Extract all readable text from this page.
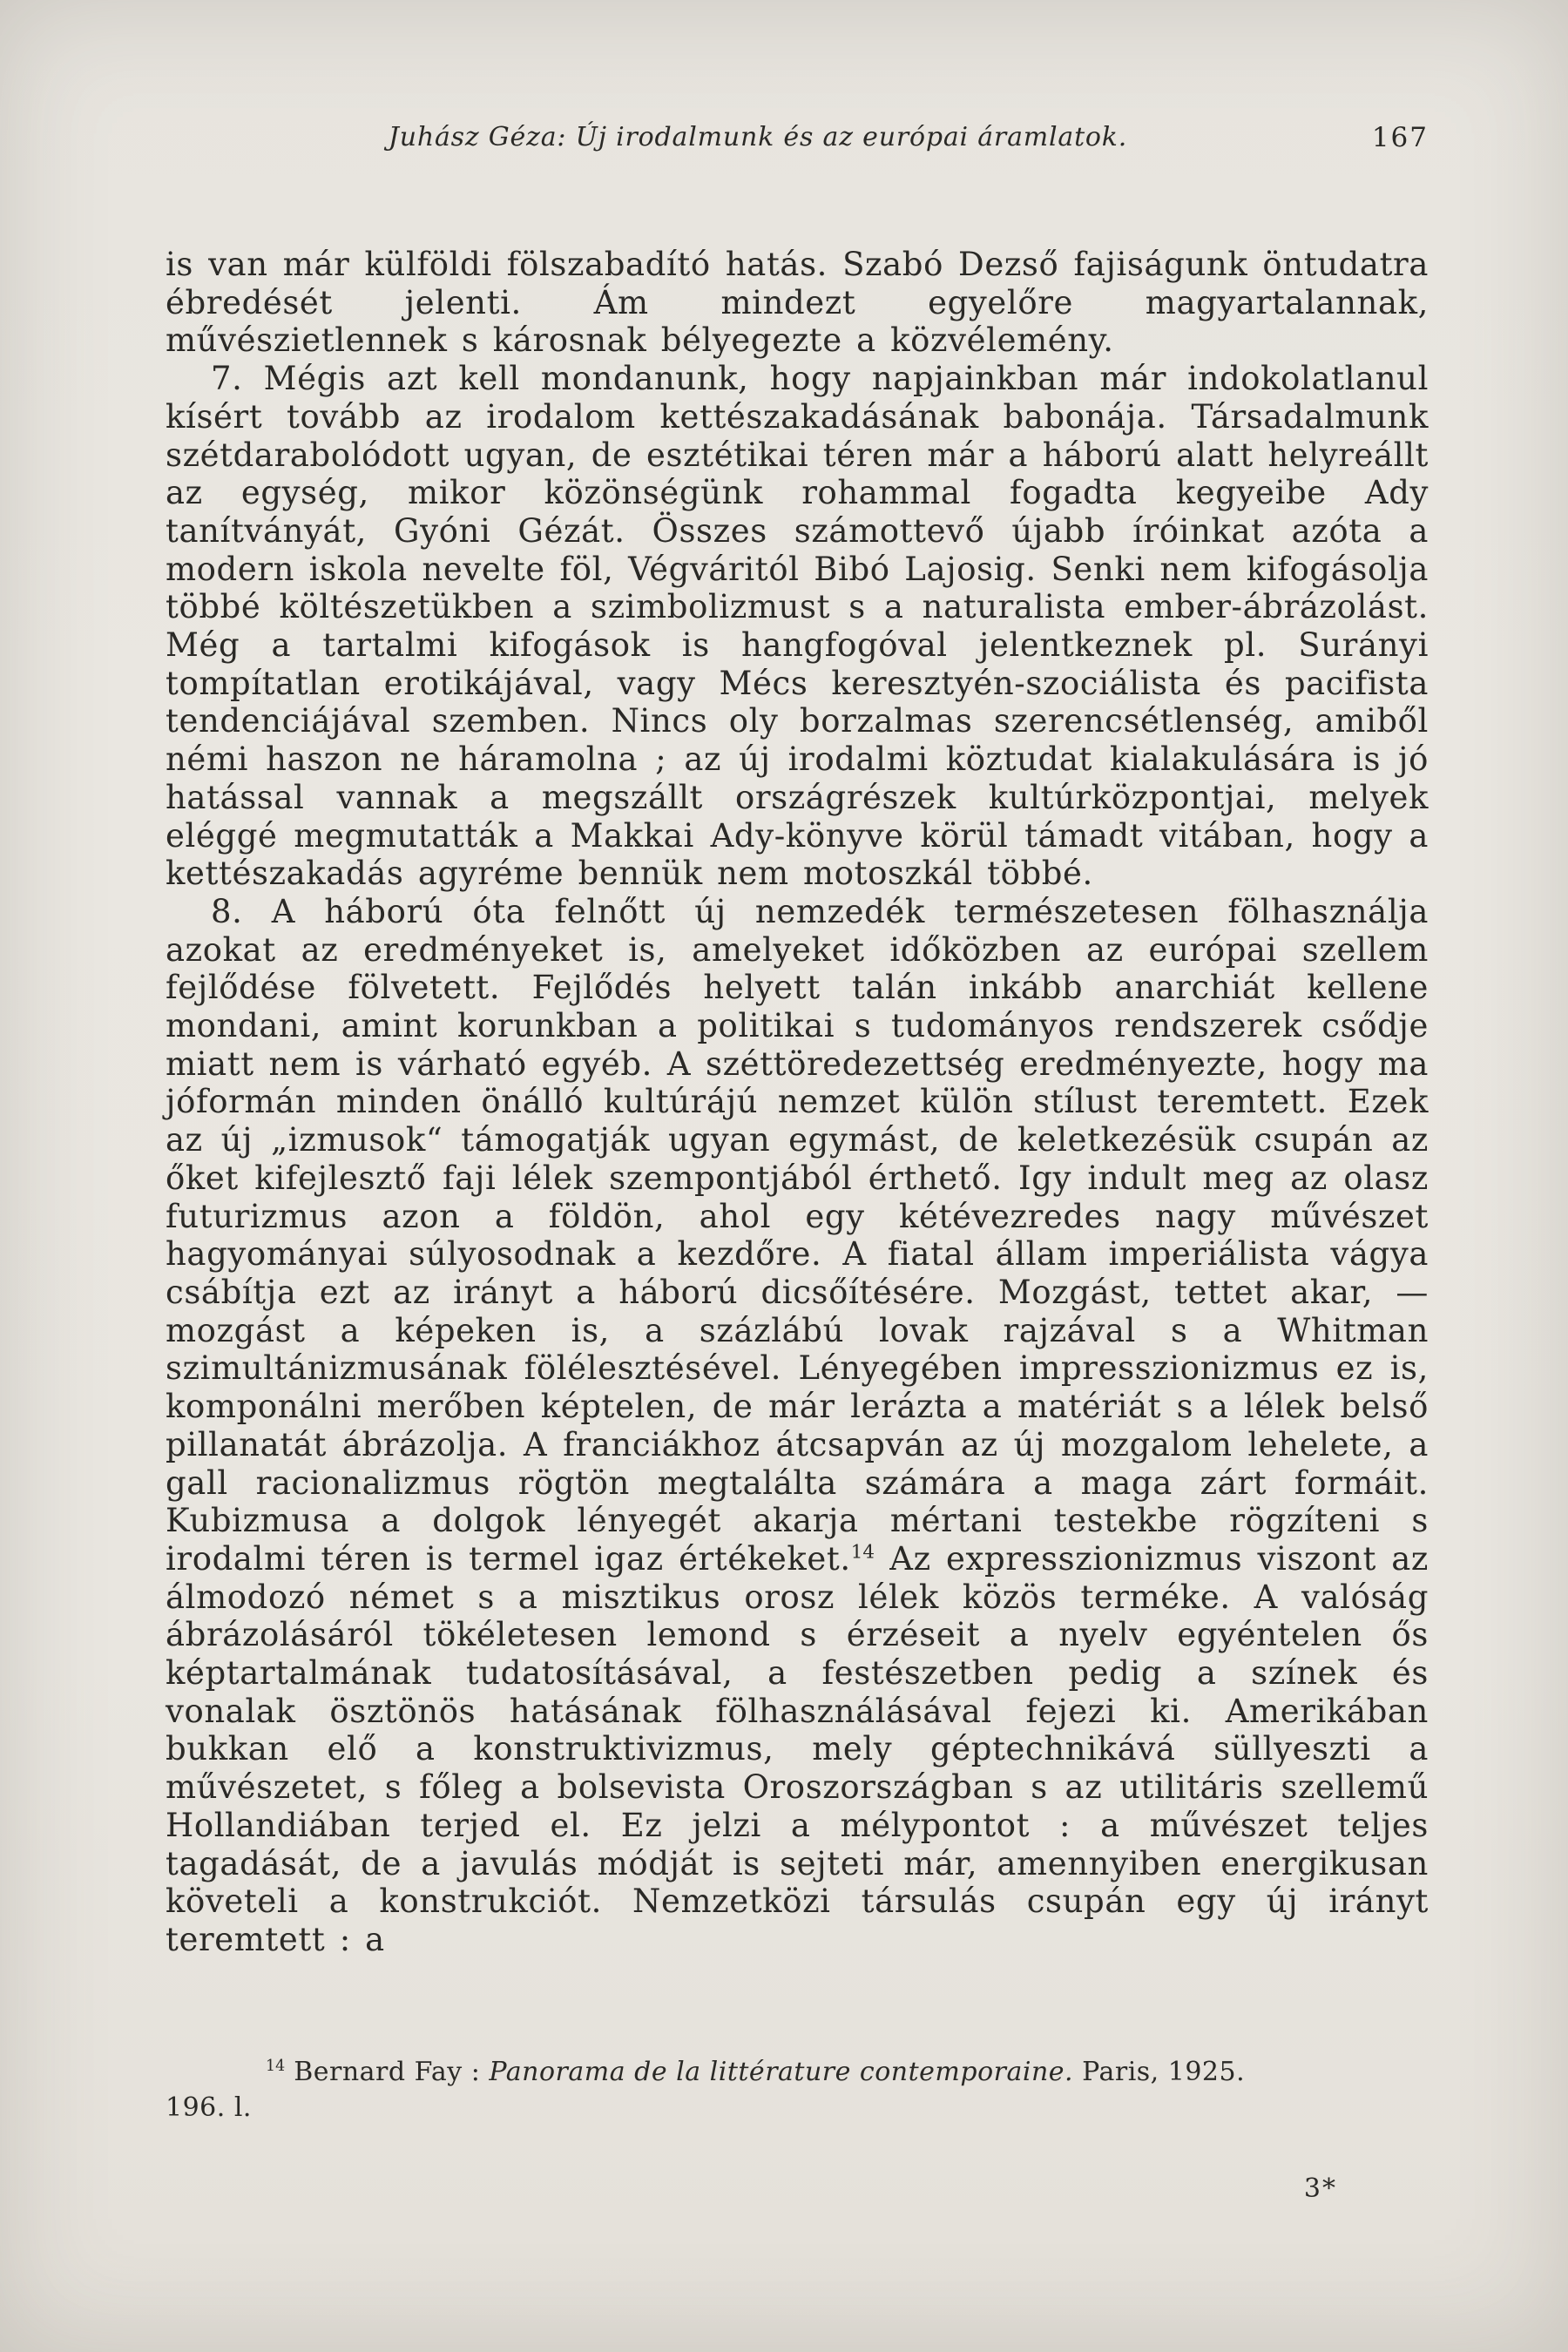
Juhász Géza: Új irodalmunk és az európai áramlatok.	167

is van már külföldi fölszabadító hatás. Szabó Dezső fajiságunk öntudatra ébredését jelenti. Ám mindezt egyelőre magyartalannak, művészietlennek s károsnak bélyegezte a közvélemény.

7. Mégis azt kell mondanunk, hogy napjainkban már indokolatlanul kísért tovább az irodalom kettészakadásának babonája. Társadalmunk szétdarabolódott ugyan, de esztétikai téren már a háború alatt helyreállt az egység, mikor közönségünk rohammal fogadta kegyeibe Ady tanítványát, Gyóni Gézát. Összes számottevő újabb íróinkat azóta a modern iskola nevelte föl, Végváritól Bibó Lajosig. Senki nem kifogásolja többé költészetükben a szimbolizmust s a naturalista ember-ábrázolást. Még a tartalmi kifogások is hangfogóval jelentkeznek pl. Surányi tompítatlan erotikájával, vagy Mécs keresztyén-szociálista és pacifista tendenciájával szemben. Nincs oly borzalmas szerencsétlenség, amiből némi haszon ne háramolna ; az új irodalmi köztudat kialakulására is jó hatással vannak a megszállt országrészek kultúrközpontjai, melyek eléggé megmutatták a Makkai Ady-könyve körül támadt vitában, hogy a kettészakadás agyréme bennük nem motoszkál többé.

8. A háború óta felnőtt új nemzedék természetesen fölhasználja azokat az eredményeket is, amelyeket időközben az európai szellem fejlődése fölvetett. Fejlődés helyett talán inkább anarchiát kellene mondani, amint korunkban a politikai s tudományos rendszerek csődje miatt nem is várható egyéb. A széttöredezettség eredményezte, hogy ma jóformán minden önálló kultúrájú nemzet külön stílust teremtett. Ezek az új „izmusok“ támogatják ugyan egymást, de keletkezésük csupán az őket kifejlesztő faji lélek szempontjából érthető. Igy indult meg az olasz futurizmus azon a földön, ahol egy kétévezredes nagy művészet hagyományai súlyosodnak a kezdőre. A fiatal állam imperiálista vágya csábítja ezt az irányt a háború dicsőítésére. Mozgást, tettet akar, — mozgást a képeken is, a százlábú lovak rajzával s a Whitman szimultánizmusának fölélesztésével. Lényegében impresszionizmus ez is, komponálni merőben képtelen, de már lerázta a matériát s a lélek belső pillanatát ábrázolja. A franciákhoz átcsapván az új mozgalom lehelete, a gall racionalizmus rögtön megtalálta számára a maga zárt formáit. Kubizmusa a dolgok lényegét akarja mértani testekbe rögzíteni s irodalmi téren is termel igaz értékeket.$^{14}$ Az expresszionizmus viszont az álmodozó német s a misztikus orosz lélek közös terméke. A valóság ábrázolásáról tökéletesen lemond s érzéseit a nyelv egyéntelen ős képtartalmának tudatosításával, a festészetben pedig a színek és vonalak ösztönös hatásának fölhasználásával fejezi ki. Amerikában bukkan elő a konstruktivizmus, mely géptechnikává süllyeszti a művészetet, s főleg a bolsevista Oroszországban s az utilitáris szellemű Hollandiában terjed el. Ez jelzi a mélypontot : a művészet teljes tagadását, de a javulás módját is sejteti már, amennyiben energikusan követeli a konstrukciót. Nemzetközi társulás csupán egy új irányt teremtett : a

$^{14}$ Bernard Fay : Panorama de la littérature contemporaine. Paris, 1925.
196. l.
3*
